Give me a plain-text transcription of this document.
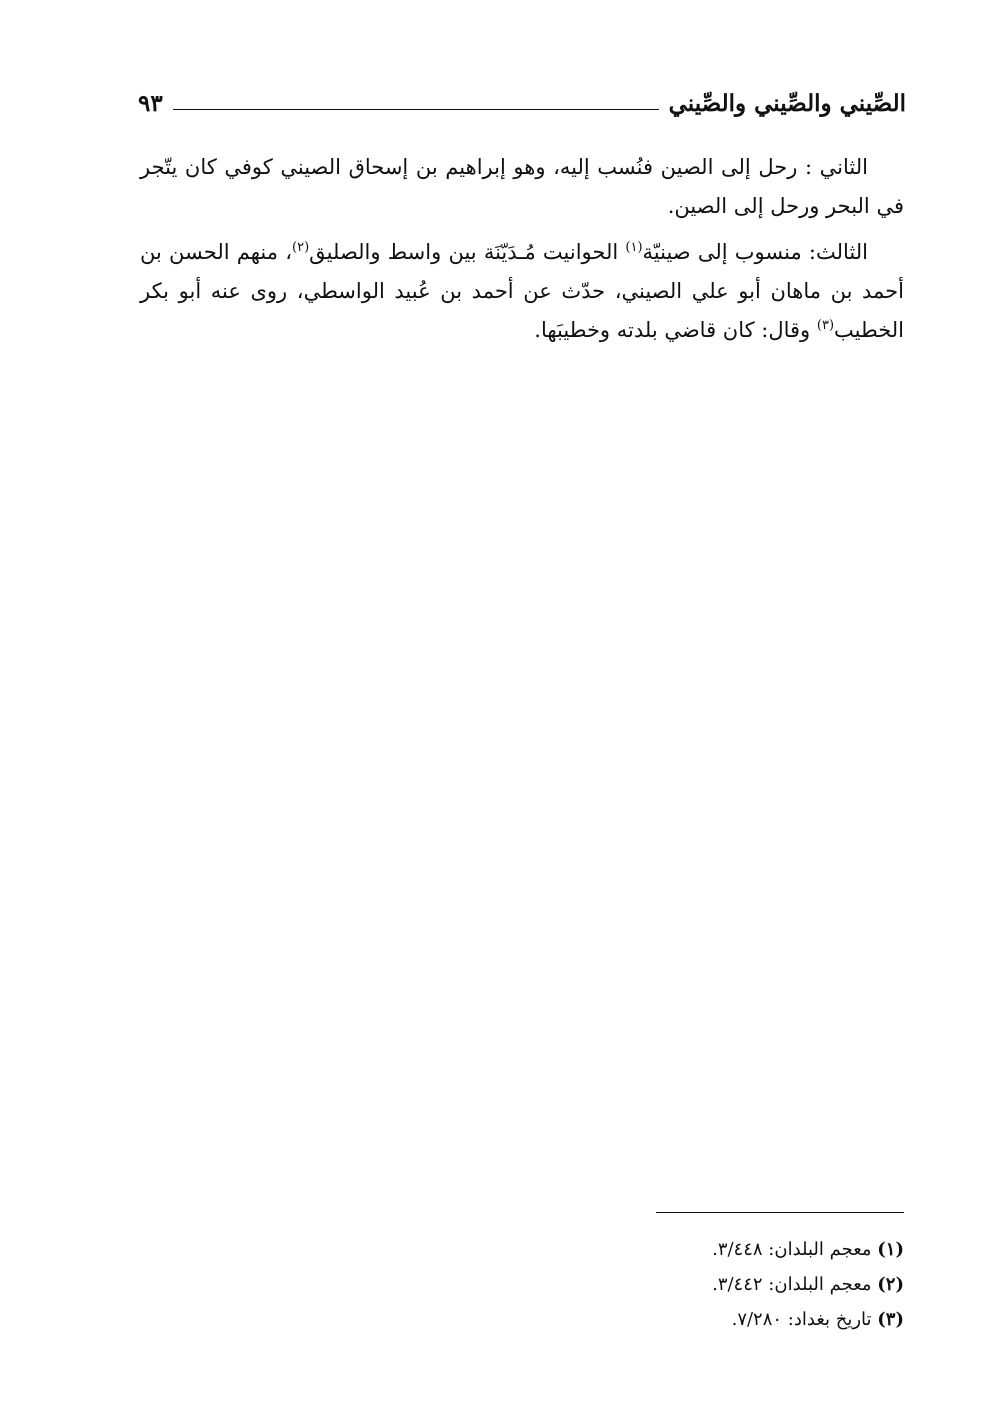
الصِّيني والصِّيني والصِّيني
٩٣

الثاني : رحل إلى الصين فنُسب إليه، وهو إبراهيم بن إسحاق الصيني كوفي كان يتّجر في البحر ورحل إلى الصين.

الثالث: منسوب إلى صينيّة$^{(١)}$ الحوانيت مُـدَيّنَة بين واسط والصليق$^{(٢)}$، منهم الحسن بن أحمد بن ماهان أبو علي الصيني، حدّث عن أحمد بن عُبيد الواسطي، روى عنه أبو بكر الخطيب$^{(٣)}$ وقال: كان قاضي بلدته وخطيبَها.

(١) معجم البلدان: ٣/٤٤٨.

(٢) معجم البلدان: ٣/٤٤٢.

(٣) تاريخ بغداد: ٧/٢٨٠.
